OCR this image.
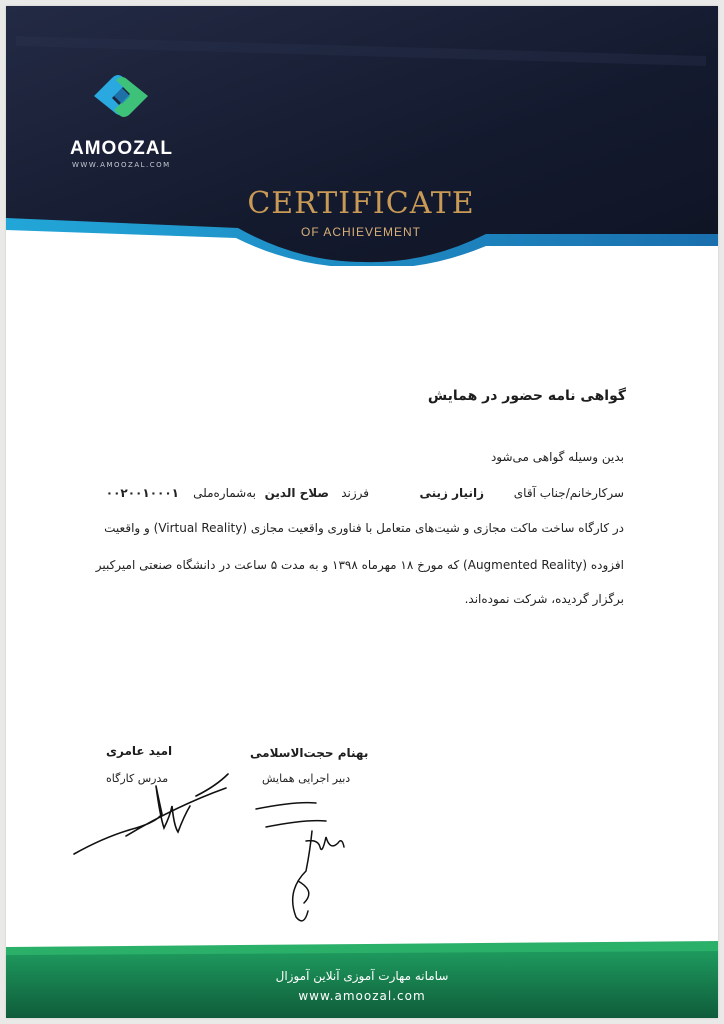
AMOOZAL
WWW.AMOOZAL.COM
CERTIFICATE
OF ACHIEVEMENT
گواهی نامه حضور در همایش
بدین وسیله گواهی می‌شود
سرکارخانم/جناب آقای
زانیار زینی
فرزند
صلاح الدین
به‌شماره‌ملی
۰۰۲۰۰۱۰۰۰۱
در کارگاه ساخت ماکت مجازی و شیت‌های متعامل با فناوری واقعیت مجازی (Virtual Reality) و واقعیت
افزوده (Augmented Reality) که مورخ ۱۸ مهرماه ۱۳۹۸ و به مدت ۵ ساعت در دانشگاه صنعتی امیرکبیر
برگزار گردیده، شرکت نموده‌اند.
امید عامری
مدرس کارگاه
بهنام حجت‌الاسلامی
دبیر اجرایی همایش
سامانه مهارت آموزی آنلاین آموزال
www.amoozal.com
